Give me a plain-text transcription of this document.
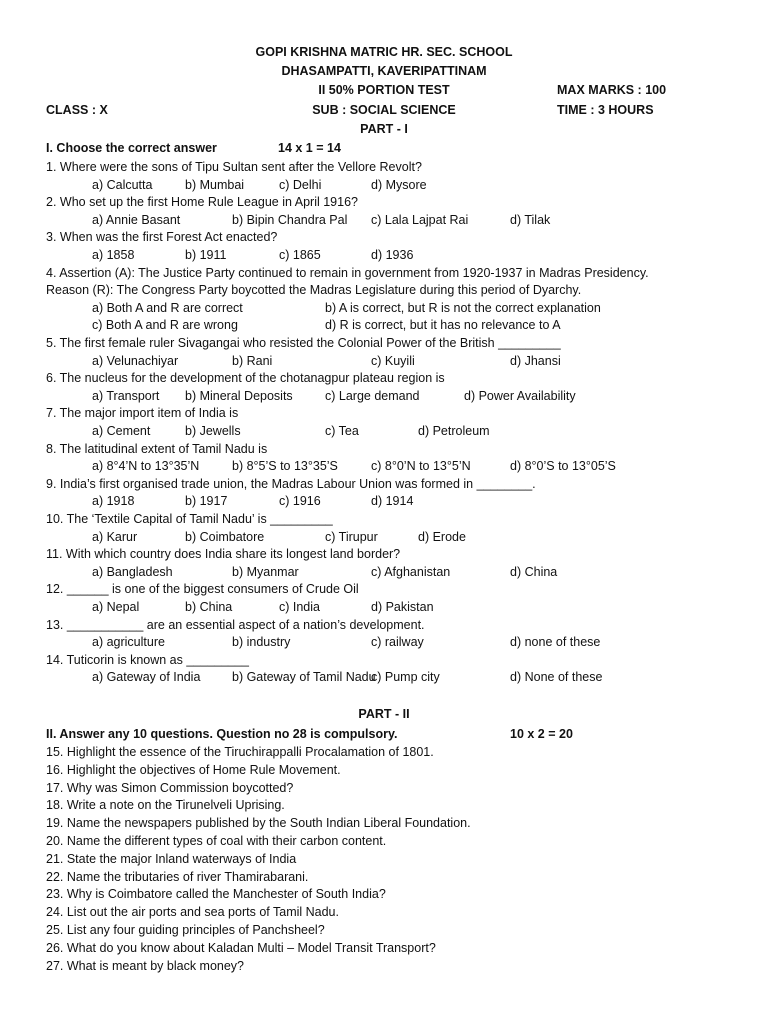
GOPI KRISHNA MATRIC HR. SEC. SCHOOL
DHASAMPATTI, KAVERIPATTINAM
II 50% PORTION TEST	MAX MARKS : 100
CLASS : X	SUB : SOCIAL SCIENCE	TIME : 3 HOURS
PART - I
I. Choose the correct answer	14 x 1 = 14
1. Where were the sons of Tipu Sultan sent after the Vellore Revolt?
a) Calcutta	b) Mumbai	c) Delhi	d) Mysore
2. Who set up the first Home Rule League in April 1916?
a) Annie Basant	b) Bipin Chandra Pal c) Lala Lajpat Rai	d) Tilak
3. When was the first Forest Act enacted?
a) 1858	b) 1911	c) 1865	d) 1936
4. Assertion (A): The Justice Party continued to remain in government from 1920-1937 in Madras Presidency.
Reason (R): The Congress Party boycotted the Madras Legislature during this period of Dyarchy.
a) Both A and R are correct	b) A is correct, but R is not the correct explanation
c) Both A and R are wrong	d) R is correct, but it has no relevance to A
5. The first female ruler Sivagangai who resisted the Colonial Power of the British _________
a) Velunachiyar	b) Rani	c) Kuyili	d) Jhansi
6. The nucleus for the development of the chotanagpur plateau region is
a) Transport b) Mineral Deposits	c) Large demand	d) Power Availability
7. The major import item of India is
a) Cement	b) Jewells	c) Tea	d) Petroleum
8. The latitudinal extent of Tamil Nadu is
a) 8°4’N to 13°35’N	b) 8°5’S to 13°35’S	c) 8°0’N to 13°5’N	d) 8°0’S to 13°05’S
9. India’s first organised trade union, the Madras Labour Union was formed in ________.
a) 1918	b) 1917	c) 1916	d) 1914
10. The ‘Textile Capital of Tamil Nadu’ is _________
a) Karur	b) Coimbatore	c) Tirupur	d) Erode
11. With which country does India share its longest land border?
a) Bangladesh	b) Myanmar	c) Afghanistan	d) China
12. ______ is one of the biggest consumers of Crude Oil
a) Nepal	b) China	c) India	d) Pakistan
13. ___________ are an essential aspect of a nation’s development.
a) agriculture	b) industry	c) railway	d) none of these
14. Tuticorin is known as _________
a) Gateway of India	b) Gateway of Tamil Nadu
c) Pump city	d) None of these
PART - II
II. Answer any 10 questions. Question no 28 is compulsory.	10 x 2 = 20
15. Highlight the essence of the Tiruchirappalli Procalamation of 1801.
16. Highlight the objectives of Home Rule Movement.
17. Why was Simon Commission boycotted?
18. Write a note on the Tirunelveli Uprising.
19. Name the newspapers published by the South Indian Liberal Foundation.
20. Name the different types of coal with their carbon content.
21. State the major Inland waterways of India
22. Name the tributaries of river Thamirabarani.
23. Why is Coimbatore called the Manchester of South India?
24. List out the air ports and sea ports of Tamil Nadu.
25. List any four guiding principles of Panchsheel?
26. What do you know about Kaladan Multi – Model Transit Transport?
27. What is meant by black money?
